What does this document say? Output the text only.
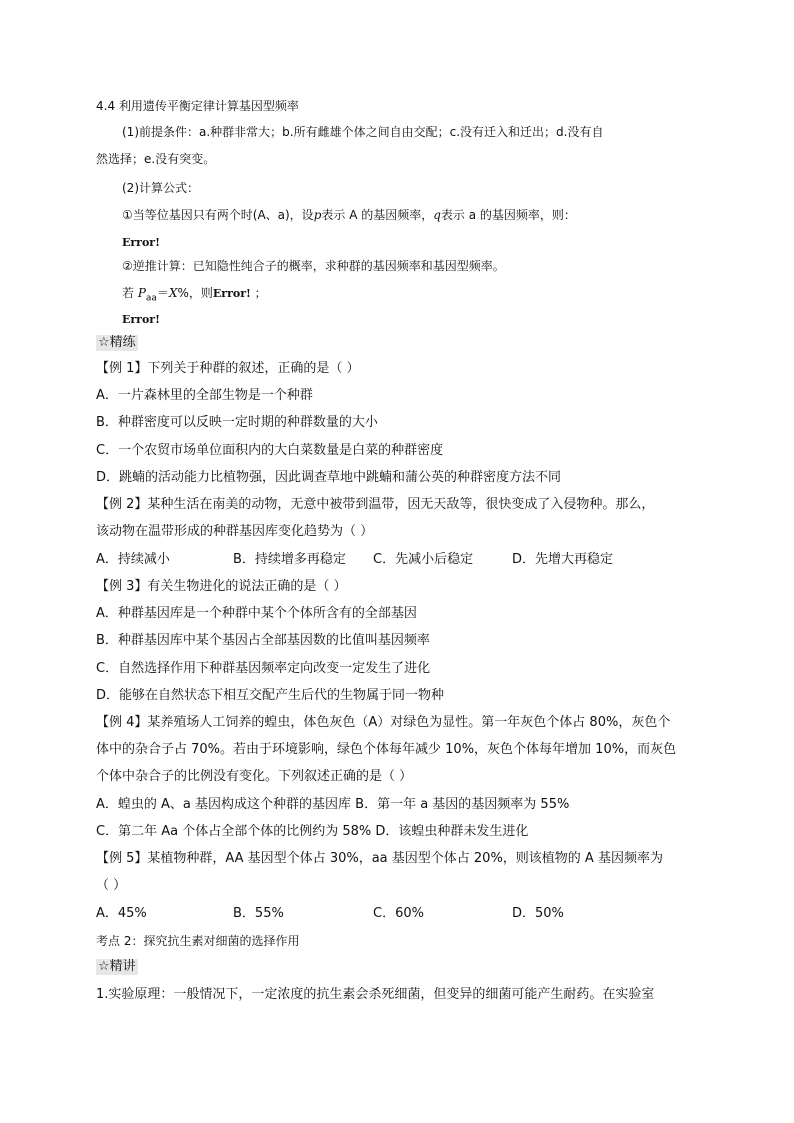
4.4 利用遗传平衡定律计算基因型频率
(1)前提条件：a.种群非常大；b.所有雌雄个体之间自由交配；c.没有迁入和迁出；d.没有自
然选择；e.没有突变。
(2)计算公式：
①当等位基因只有两个时(A、a)，设p表示 A 的基因频率，q表示 a 的基因频率，则：
Error!
②逆推计算：已知隐性纯合子的概率，求种群的基因频率和基因型频率。
若 $P_{aa}=X\%$，则Error! ；
Error!
☆精练
【例 1】下列关于种群的叙述，正确的是（ ）
A．一片森林里的全部生物是一个种群
B．种群密度可以反映一定时期的种群数量的大小
C．一个农贸市场单位面积内的大白菜数量是白菜的种群密度
D．跳蝻的活动能力比植物强，因此调查草地中跳蝻和蒲公英的种群密度方法不同
【例 2】某种生活在南美的动物，无意中被带到温带，因无天敌等，很快变成了入侵物种。那么，
该动物在温带形成的种群基因库变化趋势为（ ）
A．持续减小	B．持续增多再稳定 C．先减小后稳定	D．先增大再稳定
【例 3】有关生物进化的说法正确的是（ ）
A．种群基因库是一个种群中某个个体所含有的全部基因
B．种群基因库中某个基因占全部基因数的比值叫基因频率
C．自然选择作用下种群基因频率定向改变一定发生了进化
D．能够在自然状态下相互交配产生后代的生物属于同一物种
【例 4】某养殖场人工饲养的蝗虫，体色灰色（A）对绿色为显性。第一年灰色个体占 80%，灰色个
体中的杂合子占 70%。若由于环境影响，绿色个体每年减少 10%，灰色个体每年增加 10%，而灰色
个体中杂合子的比例没有变化。下列叙述正确的是（ ）
A．蝗虫的 A、a 基因构成这个种群的基因库 B．第一年 a 基因的基因频率为 55%
C．第二年 Aa 个体占全部个体的比例约为 58% D．该蝗虫种群未发生进化
【例 5】某植物种群，AA 基因型个体占 30%，aa 基因型个体占 20%，则该植物的 A 基因频率为
（ ）
A．45%	B．55%	C．60%	D．50%
考点 2：探究抗生素对细菌的选择作用
☆精讲
1.实验原理：一般情况下，一定浓度的抗生素会杀死细菌，但变异的细菌可能产生耐药。在实验室
